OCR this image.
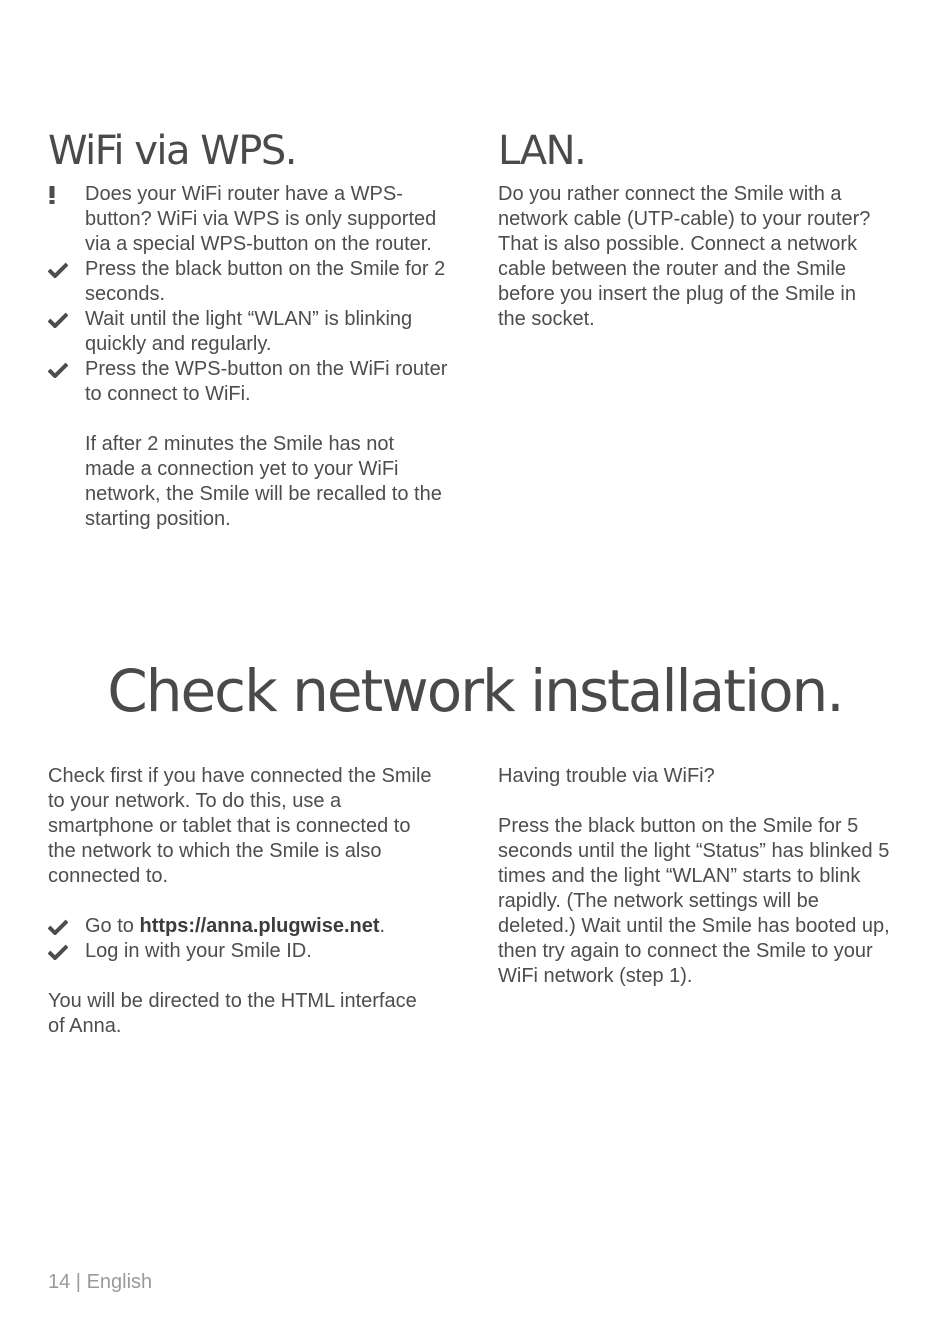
WiFi via WPS.
Does your WiFi router have a WPS-button? WiFi via WPS is only supported via a special WPS-button on the router.
Press the black button on the Smile for 2 seconds.
Wait until the light “WLAN” is blinking quickly and regularly.
Press the WPS-button on the WiFi router to connect to WiFi.

If after 2 minutes the Smile has not made a connection yet to your WiFi network, the Smile will be recalled to the starting position.

LAN.

Do you rather connect the Smile with a network cable (UTP-cable) to your router? That is also possible. Connect a network cable between the router and the Smile before you insert the plug of the Smile in the socket.

Check network installation.

Check first if you have connected the Smile to your network. To do this, use a smartphone or tablet that is connected to the network to which the Smile is also connected to.

Go to https://anna.plugwise.net.
Log in with your Smile ID.

You will be directed to the HTML interface of Anna.

Having trouble via WiFi?

Press the black button on the Smile for 5 seconds until the light “Status” has blinked 5 times and the light “WLAN” starts to blink rapidly. (The network settings will be deleted.) Wait until the Smile has booted up, then try again to connect the Smile to your WiFi network (step 1).

14 | English
